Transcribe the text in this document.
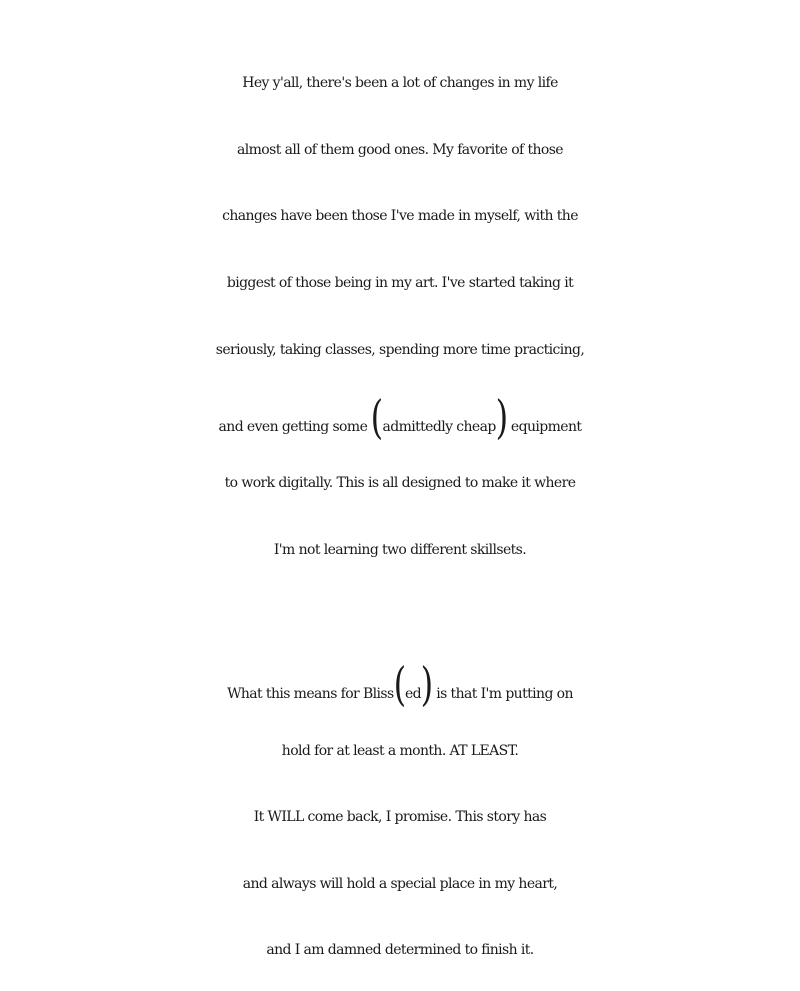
Hey y'all, there's been a lot of changes in my life
almost all of them good ones. My favorite of those
changes have been those I've made in myself, with the
biggest of those being in my art. I've started taking it
seriously, taking classes, spending more time practicing,
and even getting some (admittedly cheap) equipment
to work digitally. This is all designed to make it where
I'm not learning two different skillsets.
What this means for Bliss(ed) is that I'm putting on
hold for at least a month. AT LEAST.
It WILL come back, I promise. This story has
and always will hold a special place in my heart,
and I am damned determined to finish it.
